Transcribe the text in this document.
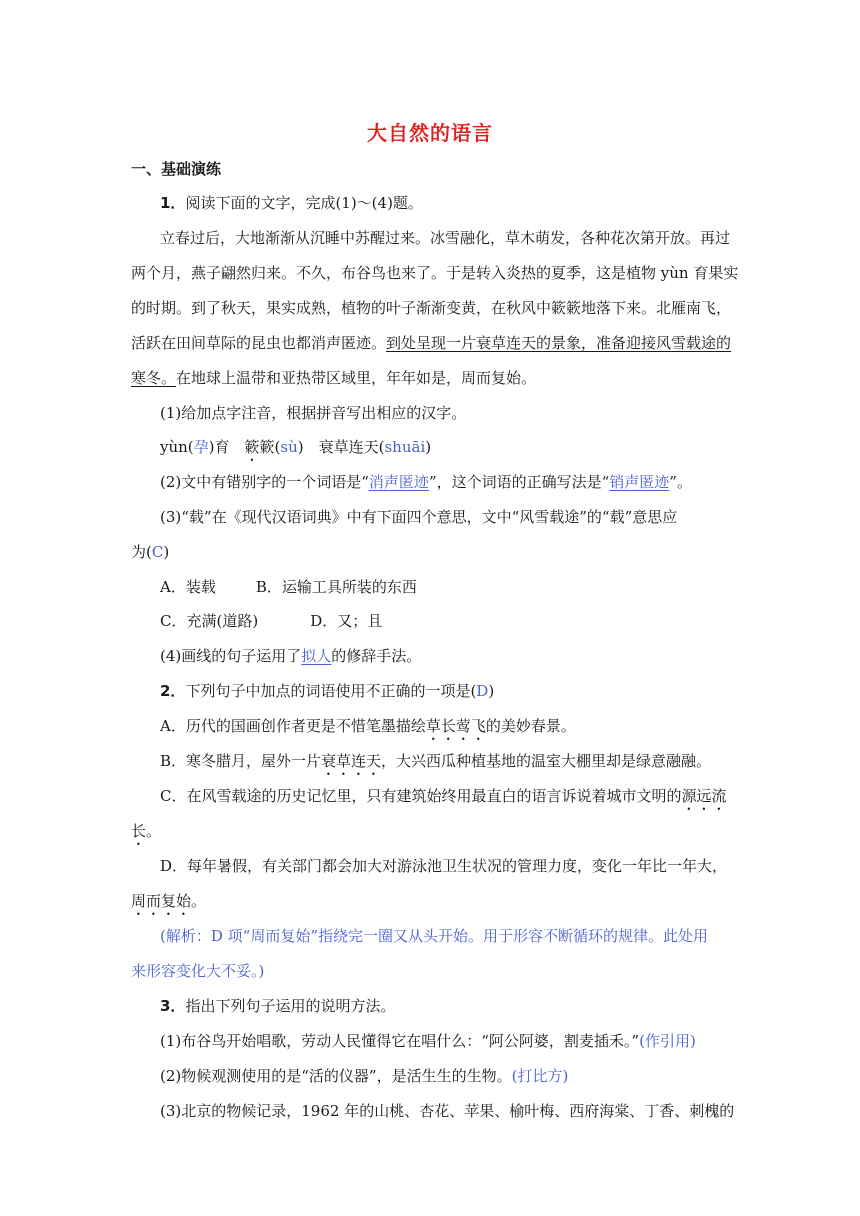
大自然的语言
一、基础演练
1．阅读下面的文字，完成(1)～(4)题。
立春过后，大地渐渐从沉睡中苏醒过来。冰雪融化，草木萌发，各种花次第开放。再过
两个月，燕子翩然归来。不久，布谷鸟也来了。于是转入炎热的夏季，这是植物 yùn 育果实
的时期。到了秋天，果实成熟，植物的叶子渐渐变黄，在秋风中簌簌地落下来。北雁南飞，
活跃在田间草际的昆虫也都消声匿迹。到处呈现一片衰草连天的景象，准备迎接风雪载途的
寒冬。在地球上温带和亚热带区域里，年年如是，周而复始。
(1)给加点字注音，根据拼音写出相应的汉字。
yùn(孕)育　簌簌(sù)　衰草连天(shuāi)
(2)文中有错别字的一个词语是“消声匿迹”，这个词语的正确写法是“销声匿迹”。
(3)“载”在《现代汉语词典》中有下面四个意思，文中“风雪载途”的“载”意思应
为(C)
A．装载	B．运输工具所装的东西
C．充满(道路)	D．又；且
(4)画线的句子运用了拟人的修辞手法。
2．下列句子中加点的词语使用不正确的一项是(D)
A．历代的国画创作者更是不惜笔墨描绘草长莺飞的美妙春景。
B．寒冬腊月，屋外一片衰草连天，大兴西瓜种植基地的温室大棚里却是绿意融融。
C．在风雪载途的历史记忆里，只有建筑始终用最直白的语言诉说着城市文明的源远流
长。
D．每年暑假，有关部门都会加大对游泳池卫生状况的管理力度，变化一年比一年大，
周而复始。
(解析：D 项“周而复始”指绕完一圈又从头开始。用于形容不断循环的规律。此处用
来形容变化大不妥。)
3．指出下列句子运用的说明方法。
(1)布谷鸟开始唱歌，劳动人民懂得它在唱什么：“阿公阿婆，割麦插禾。”(作引用)
(2)物候观测使用的是“活的仪器”，是活生生的生物。(打比方)
(3)北京的物候记录，1962 年的山桃、杏花、苹果、榆叶梅、西府海棠、丁香、刺槐的
